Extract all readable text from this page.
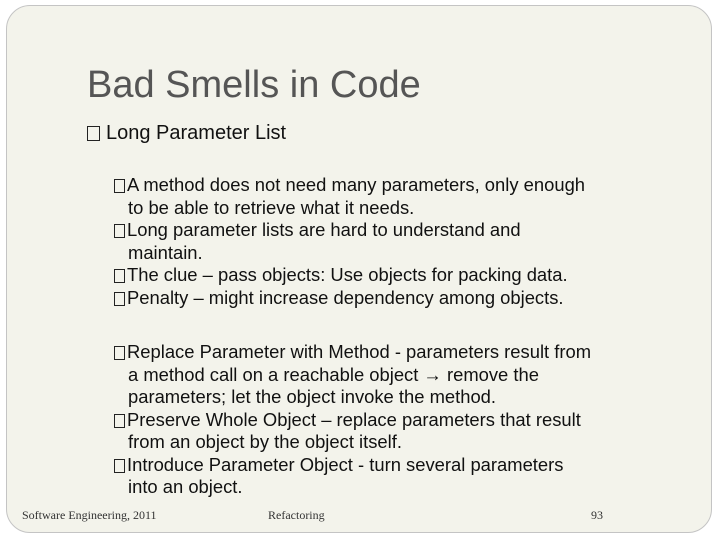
Bad Smells in Code
Long Parameter List
A method does not need many parameters, only enough
to be able to retrieve what it needs.
Long parameter lists are hard to understand and
maintain.
The clue – pass objects: Use objects for packing data.
Penalty – might increase dependency among objects.
Replace Parameter with Method - parameters result from
a method call on a reachable object → remove the
parameters; let the object invoke the method.
Preserve Whole Object – replace parameters that result
from an object by the object itself.
Introduce Parameter Object - turn several parameters
into an object.
Software Engineering, 2011	Refactoring	93
